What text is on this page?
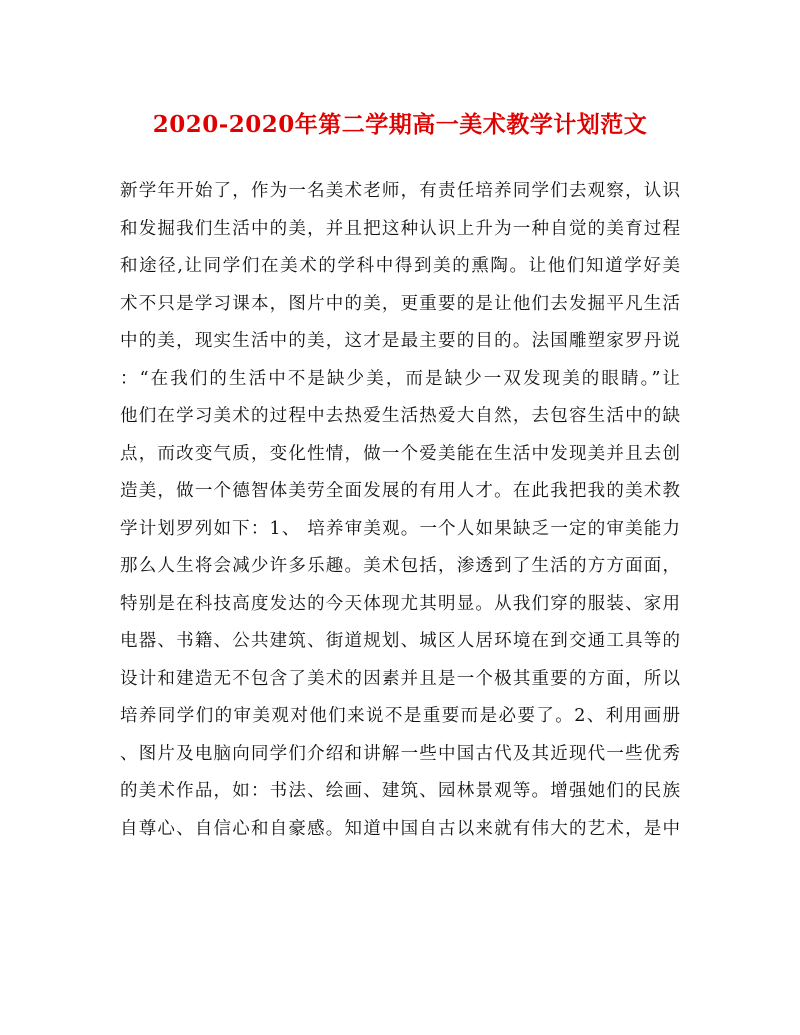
2020-2020年第二学期高一美术教学计划范文
新学年开始了，作为一名美术老师，有责任培养同学们去观察，认识
和发掘我们生活中的美，并且把这种认识上升为一种自觉的美育过程
和途径,让同学们在美术的学科中得到美的熏陶。让他们知道学好美
术不只是学习课本，图片中的美，更重要的是让他们去发掘平凡生活
中的美，现实生活中的美，这才是最主要的目的。法国雕塑家罗丹说
：“在我们的生活中不是缺少美，而是缺少一双发现美的眼睛。”让
他们在学习美术的过程中去热爱生活热爱大自然，去包容生活中的缺
点，而改变气质，变化性情，做一个爱美能在生活中发现美并且去创
造美，做一个德智体美劳全面发展的有用人才。在此我把我的美术教
学计划罗列如下：1、 培养审美观。一个人如果缺乏一定的审美能力
那么人生将会减少许多乐趣。美术包括，渗透到了生活的方方面面，
特别是在科技高度发达的今天体现尤其明显。从我们穿的服装、家用
电器、书籍、公共建筑、街道规划、城区人居环境在到交通工具等的
设计和建造无不包含了美术的因素并且是一个极其重要的方面，所以
培养同学们的审美观对他们来说不是重要而是必要了。2、利用画册
、图片及电脑向同学们介绍和讲解一些中国古代及其近现代一些优秀
的美术作品，如：书法、绘画、建筑、园林景观等。增强她们的民族
自尊心、自信心和自豪感。知道中国自古以来就有伟大的艺术，是中
